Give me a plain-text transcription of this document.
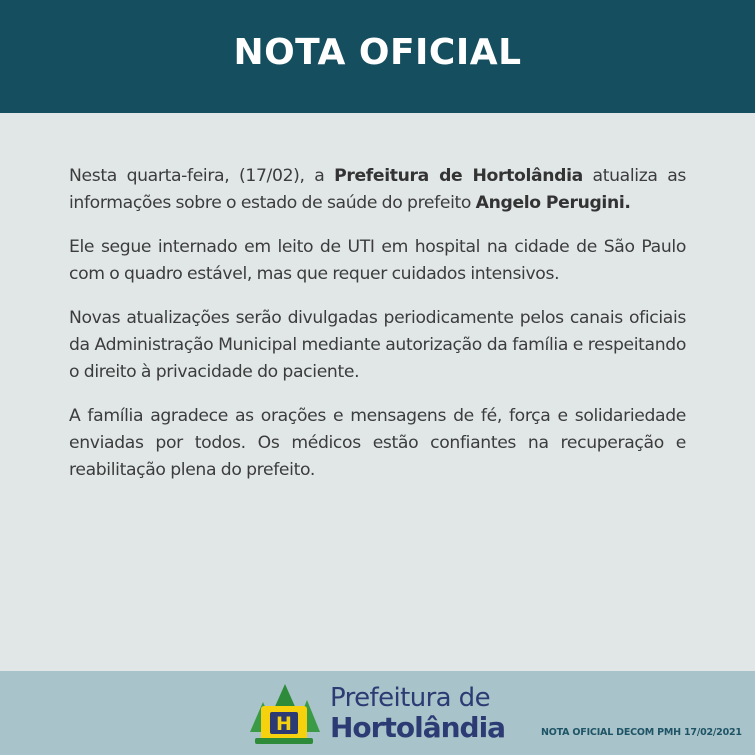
NOTA OFICIAL

Nesta quarta-feira, (17/02), a Prefeitura de Hortolândia atualiza as informações sobre o estado de saúde do prefeito Angelo Perugini.

Ele segue internado em leito de UTI em hospital na cidade de São Paulo com o quadro estável, mas que requer cuidados intensivos.

Novas atualizações serão divulgadas periodicamente pelos canais oficiais da Administração Municipal mediante autorização da família e respeitando o direito à privacidade do paciente.

A família agradece as orações e mensagens de fé, força e solidariedade enviadas por todos. Os médicos estão confiantes na recuperação e reabilitação plena do prefeito.

H
Prefeitura de
Hortolândia	NOTA OFICIAL DECOM PMH 17/02/2021
